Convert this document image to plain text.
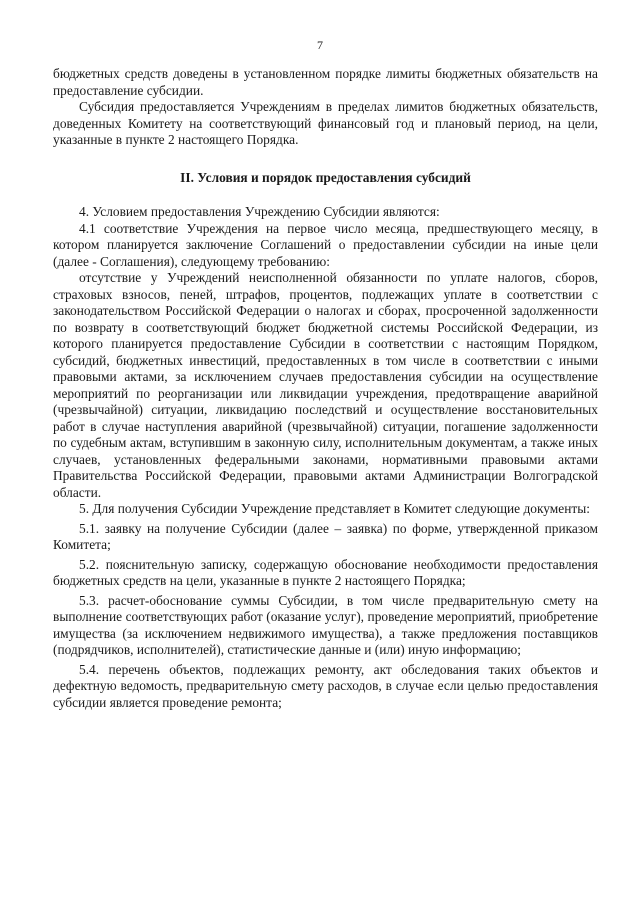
7

бюджетных средств доведены в установленном порядке лимиты бюджетных обязательств на предоставление субсидии.

Субсидия предоставляется Учреждениям в пределах лимитов бюджетных обязательств, доведенных Комитету на соответствующий финансовый год и плановый период, на цели, указанные в пункте 2 настоящего Порядка.

II. Условия и порядок предоставления субсидий

4. Условием предоставления Учреждению Субсидии являются:

4.1 соответствие Учреждения на первое число месяца, предшествующего месяцу, в котором планируется заключение Соглашений о предоставлении субсидии на иные цели (далее - Соглашения), следующему требованию:

отсутствие у Учреждений неисполненной обязанности по уплате налогов, сборов, страховых взносов, пеней, штрафов, процентов, подлежащих уплате в соответствии с законодательством Российской Федерации о налогах и сборах, просроченной задолженности по возврату в соответствующий бюджет бюджетной системы Российской Федерации, из которого планируется предоставление Субсидии в соответствии с настоящим Порядком, субсидий, бюджетных инвестиций, предоставленных в том числе в соответствии с иными правовыми актами, за исключением случаев предоставления субсидии на осуществление мероприятий по реорганизации или ликвидации учреждения, предотвращение аварийной (чрезвычайной) ситуации, ликвидацию последствий и осуществление восстановительных работ в случае наступления аварийной (чрезвычайной) ситуации, погашение задолженности по судебным актам, вступившим в законную силу, исполнительным документам, а также иных случаев, установленных федеральными законами, нормативными правовыми актами Правительства Российской Федерации, правовыми актами Администрации Волгоградской области.

5. Для получения Субсидии Учреждение представляет в Комитет следующие документы:

5.1. заявку на получение Субсидии (далее – заявка) по форме, утвержденной приказом Комитета;

5.2. пояснительную записку, содержащую обоснование необходимости предоставления бюджетных средств на цели, указанные в пункте 2 настоящего Порядка;

5.3. расчет-обоснование суммы Субсидии, в том числе предварительную смету на выполнение соответствующих работ (оказание услуг), проведение мероприятий, приобретение имущества (за исключением недвижимого имущества), а также предложения поставщиков (подрядчиков, исполнителей), статистические данные и (или) иную информацию;

5.4. перечень объектов, подлежащих ремонту, акт обследования таких объектов и дефектную ведомость, предварительную смету расходов, в случае если целью предоставления субсидии является проведение ремонта;
